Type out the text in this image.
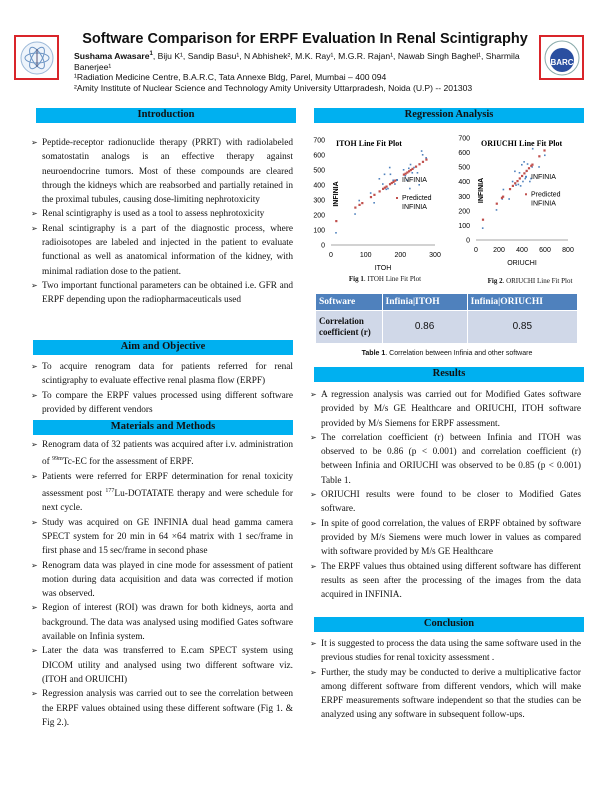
BARC
Software Comparison for ERPF Evaluation In Renal Scintigraphy
Sushama Awasare$^1$, Biju K¹, Sandip Basu¹, N Abhishek², M.K. Ray¹, M.G.R. Rajan¹, Nawab Singh Baghel¹, Sharmila Banerjee¹
¹Radiation Medicine Centre, B.A.R.C, Tata Annexe Bldg, Parel, Mumbai – 400 094
²Amity Institute of Nuclear Science and Technology Amity University Uttarpradesh, Noida (U.P) -- 201303
Introduction
➢ Peptide-receptor radionuclide therapy (PRRT) with radiolabeled somatostatin analogs is an effective therapy against neuroendocrine tumors. Most of these compounds are cleared through the kidneys which are reabsorbed and partially retained in the proximal tubules, causing dose-limiting nephrotoxicity
➢ Renal scintigraphy is used as a tool to assess nephrotoxicity
➢ Renal scintigraphy is a part of the diagnostic process, where radioisotopes are labeled and injected in the patient to evaluate functional as well as anatomical information of the kidney, with minimal radiation dose to the patient.
➢ Two important functional parameters can be obtained i.e. GFR and ERPF depending upon the radiopharmaceuticals used
Aim and Objective
➢ To acquire renogram data for patients referred for renal scintigraphy to evaluate effective renal plasma flow (ERPF)
➢ To compare the ERPF values processed using different software provided by different vendors
Materials and Methods
➢ Renogram data of 32 patients was acquired after i.v. administration of $^{99m}$Tc-EC for the assessment of ERPF.
➢ Patients were referred for ERPF determination for renal toxicity assessment post $^{177}$Lu-DOTATATE therapy and were schedule for next cycle.
➢ Study was acquired on GE INFINIA dual head gamma camera SPECT system for 20 min in 64 ×64 matrix with 1 sec/frame in first phase and 15 sec/frame in second phase
➢ Renogram data was played in cine mode for assessment of patient motion during data acquisition and data was corrected if motion was observed.
➢ Region of interest (ROI) was drawn for both kidneys, aorta and background. The data was analysed using modified Gates software available on Infinia system.
➢ Later the data was transferred to E.cam SPECT system using DICOM utility and analysed using two different software viz.(ITOH and ORUICHI)
➢ Regression analysis was carried out to see the correlation between the ERPF values obtained using these different software (Fig 1. & Fig 2.).
Regression Analysis
0
100
200
300
400
500
600
700
0	100	200	300
ITOH
INFINIA
ITOH Line Fit Plot
INFINIA
Predicted
INFINIA
0
100
200
300
400
500
600
700
0 200 400 600 800
ORIUCHI
INFINIA
ORIUCHI Line Fit Plot
INFINIA
Predicted
INFINIA
Fig 1. ITOH Line Fit Plot	Fig 2. ORIUCHI Line Fit Plot
Software	Infinia|ITOH	Infinia|ORIUCHI
Correlation coefficient (r)	0.86	0.85
Table 1. Correlation between Infinia and other software
Results
➢ A regression analysis was carried out for Modified Gates software provided by M/s GE Healthcare and ORIUCHI, ITOH software provided by M/s Siemens for ERPF assessment.
➢ The correlation coefficient (r) between Infinia and ITOH was observed to be 0.86 (p < 0.001) and correlation coefficient (r) between Infinia and ORIUCHI was observed to be 0.85 (p < 0.001) Table 1.
➢ ORIUCHI results were found to be closer to Modified Gates software.
➢ In spite of good correlation, the values of ERPF obtained by software provided by M/s Siemens were much lower in values as compared with software provided by M/s GE Healthcare
➢ The ERPF values thus obtained using different software has different results as seen after the processing of the images from the data acquired in INFINIA.
Conclusion
➢ It is suggested to process the data using the same software used in the previous studies for renal toxicity assessment .
➢ Further, the study may be conducted to derive a multiplicative factor among different software from different vendors, which will make ERPF measurements software independent so that the studies can be analyzed using any software in subsequent follow-ups.
